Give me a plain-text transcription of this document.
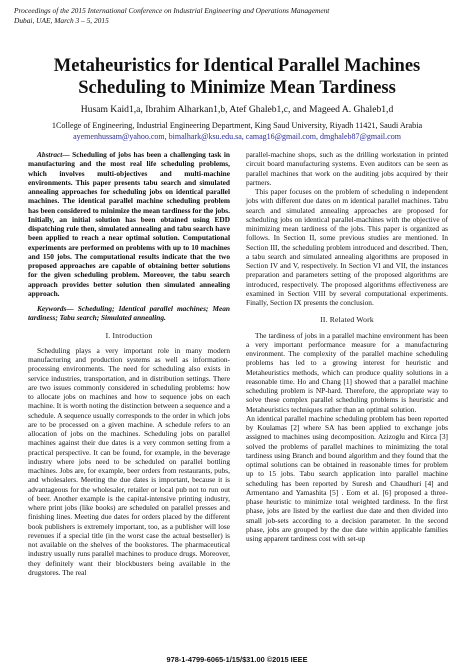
Proceedings of the 2015 International Conference on Industrial Engineering and Operations Management
Dubai, UAE, March 3 – 5, 2015
Metaheuristics for Identical Parallel Machines
Scheduling to Minimize Mean Tardiness
Husam Kaid1,a, Ibrahim Alharkan1,b, Atef Ghaleb1,c, and Mageed A. Ghaleb1,d
1College of Engineering, Industrial Engineering Department, King Saud University, Riyadh 11421, Saudi Arabia
ayemenhussam@yahoo.com, bimalhark@ksu.edu.sa, camag16@gmail.com, dmghaleb87@gmail.com

Abstract— Scheduling of jobs has been a challenging task in manufacturing and the most real life scheduling problems, which involves multi-objectives and multi-machine environments. This paper presents tabu search and simulated annealing approaches for scheduling jobs on identical parallel machines. The identical parallel machine scheduling problem has been considered to minimize the mean tardiness for the jobs. Initially, an initial solution has been obtained using EDD dispatching rule then, simulated annealing and tabu search have been applied to reach a near optimal solution. Computational experiments are performed on problems with up to 10 machines and 150 jobs. The computational results indicate that the two proposed approaches are capable of obtaining better solutions for the given scheduling problem. Moreover, the tabu search approach provides better solution then simulated annealing approach.

Keywords— Scheduling; Identical parallel machines; Mean tardiness; Tabu search; Simulated annealing.

I. Introduction

Scheduling plays a very important role in many modern manufacturing and production systems as well as information-processing environments. The need for scheduling also exists in service industries, transportation, and in distribution settings. There are two issues commonly considered in scheduling problems: how to allocate jobs on machines and how to sequence jobs on each machine. It is worth noting the distinction between a sequence and a schedule. A sequence usually corresponds to the order in which jobs are to be processed on a given machine. A schedule refers to an allocation of jobs on the machines. Scheduling jobs on parallel machines against their due dates is a very common setting from a practical perspective. It can be found, for example, in the beverage industry where jobs need to be scheduled on parallel bottling machines. Jobs are, for example, beer orders from restaurants, pubs, and wholesalers. Meeting the due dates is important, because it is advantageous for the wholesaler, retailer or local pub not to run out of beer. Another example is the capital-intensive printing industry, where print jobs (like books) are scheduled on parallel presses and finishing lines. Meeting due dates for orders placed by the different book publishers is extremely important, too, as a publisher will lose revenues if a special title (in the worst case the actual bestseller) is not available on the shelves of the bookstores. The pharmaceutical industry usually runs parallel machines to produce drugs. Moreover, they definitely want their blockbusters being available in the drugstores. The real

parallel-machine shops, such as the drilling workstation in printed circuit board manufacturing systems. Even auditors can be seen as parallel machines that work on the auditing jobs acquired by their partners.

This paper focuses on the problem of scheduling n independent jobs with different due dates on m identical parallel machines. Tabu search and simulated annealing approaches are proposed for scheduling jobs on identical parallel-machines with the objective of minimizing mean tardiness of the jobs. This paper is organized as follows. In Section II, some previous studies are mentioned. In Section III, the scheduling problem introduced and described. Then, a tabu search and simulated annealing algorithms are proposed in Section IV and V, respectively. In Section VI and VII, the instances preparation and parameters setting of the proposed algorithms are introduced, respectively. The proposed algorithms effectiveness are examined in Section VIII by several computational experiments. Finally, Section IX presents the conclusion.

II. Related Work

The tardiness of jobs in a parallel machine environment has been a very important performance measure for a manufacturing environment. The complexity of the parallel machine scheduling problems has led to a growing interest for heuristic and Metaheuristics methods, which can produce quality solutions in a reasonable time. Ho and Chang [1] showed that a parallel machine scheduling problem is NP-hard. Therefore, the appropriate way to solve these complex parallel scheduling problems is heuristic and Metaheuristics techniques rather than an optimal solution.

An identical parallel machine scheduling problem has been reported by Koulamas [2] where SA has been applied to exchange jobs assigned to machines using decomposition. Azizoglu and Kirca [3] solved the problems of parallel machines to minimizing the total tardiness using Branch and bound algorithm and they found that the optimal solutions can be obtained in reasonable times for problem up to 15 jobs. Tabu search application into parallel machine scheduling has been reported by Suresh and Chaudhuri [4] and Armentano and Yamashita [5] . Eom et al. [6] proposed a three-phase heuristic to minimize total weighted tardiness. In the first phase, jobs are listed by the earliest due date and then divided into small job-sets according to a decision parameter. In the second phase, jobs are grouped by the due date within applicable families using apparent tardiness cost with set-up

978-1-4799-6065-1/15/$31.00 ©2015 IEEE
